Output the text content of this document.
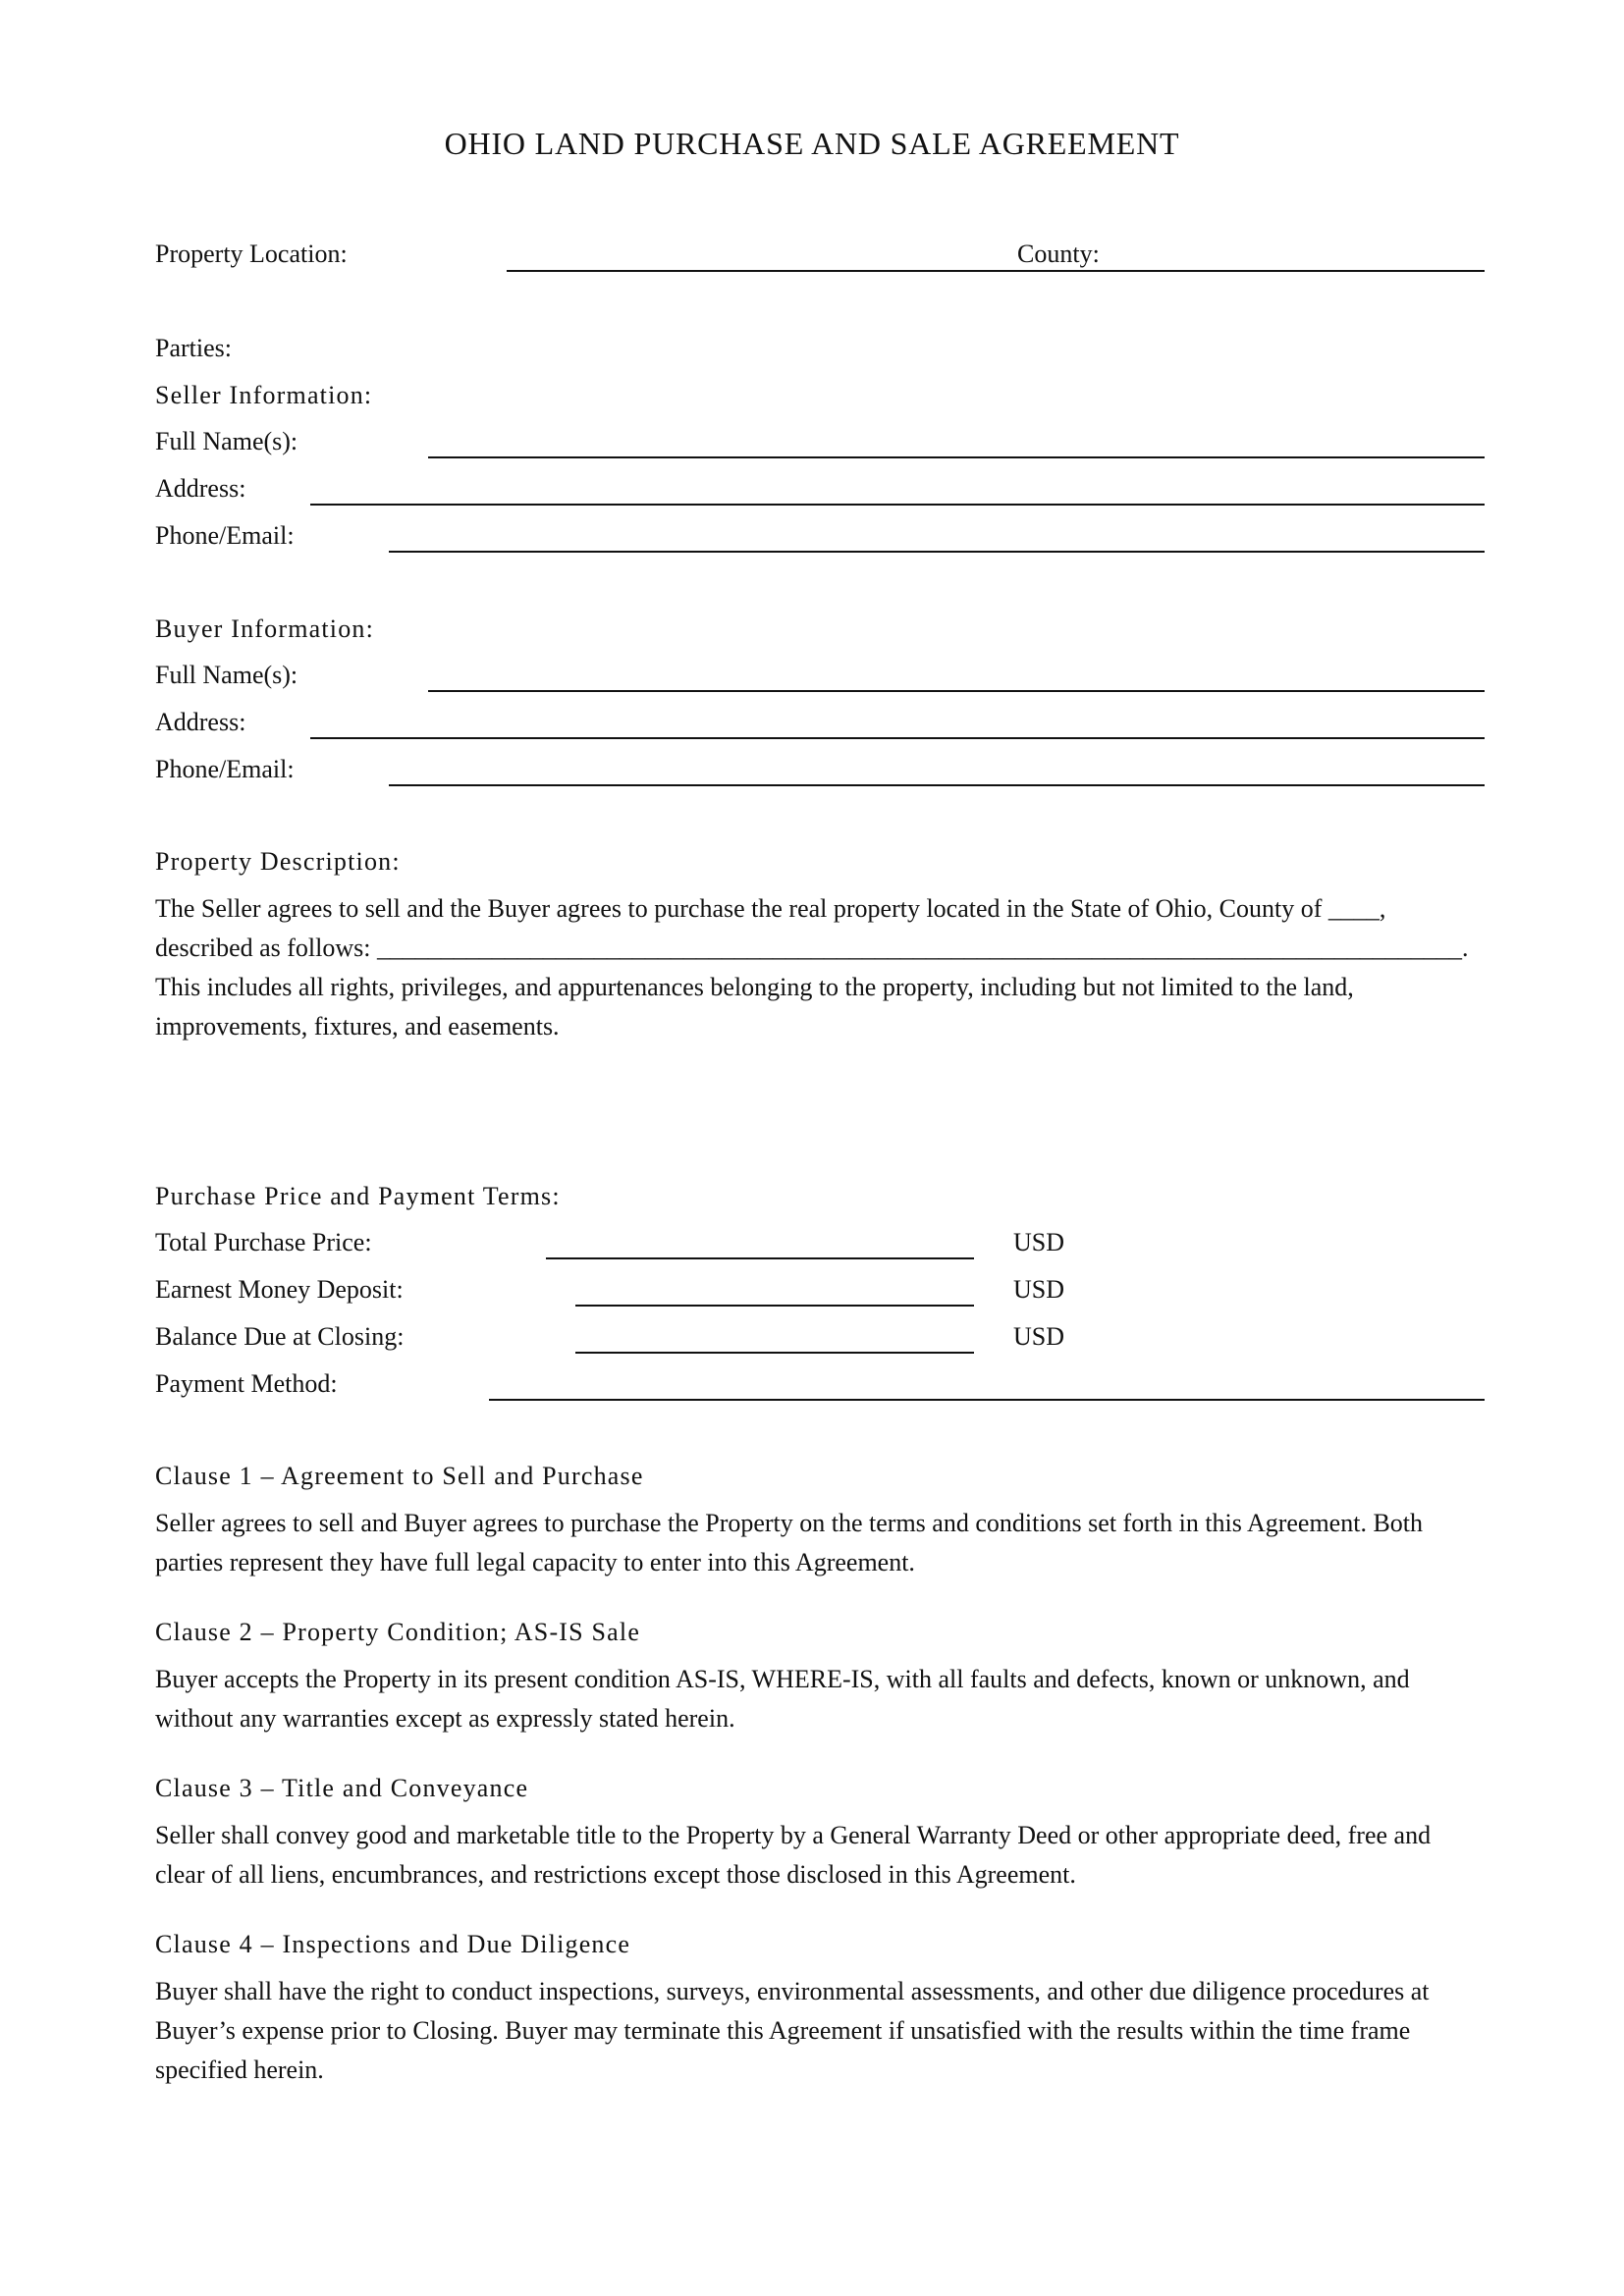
OHIO LAND PURCHASE AND SALE AGREEMENT
Property Location:	County:
Parties:
Seller Information:
Full Name(s):
Address:
Phone/Email:
Buyer Information:
Full Name(s):
Address:
Phone/Email:
Property Description:
The Seller agrees to sell and the Buyer agrees to purchase the real property located in the State of Ohio, County of ____, described as follows: _____________________________________________________________________________________. This includes all rights, privileges, and appurtenances belonging to the property, including but not limited to the land, improvements, fixtures, and easements.
Purchase Price and Payment Terms:
Total Purchase Price:	USD
Earnest Money Deposit:	USD
Balance Due at Closing:	USD
Payment Method:
Clause 1 – Agreement to Sell and Purchase
Seller agrees to sell and Buyer agrees to purchase the Property on the terms and conditions set forth in this Agreement. Both parties represent they have full legal capacity to enter into this Agreement.
Clause 2 – Property Condition; AS-IS Sale
Buyer accepts the Property in its present condition AS-IS, WHERE-IS, with all faults and defects, known or unknown, and without any warranties except as expressly stated herein.
Clause 3 – Title and Conveyance
Seller shall convey good and marketable title to the Property by a General Warranty Deed or other appropriate deed, free and clear of all liens, encumbrances, and restrictions except those disclosed in this Agreement.
Clause 4 – Inspections and Due Diligence
Buyer shall have the right to conduct inspections, surveys, environmental assessments, and other due diligence procedures at Buyer’s expense prior to Closing. Buyer may terminate this Agreement if unsatisfied with the results within the time frame specified herein.
